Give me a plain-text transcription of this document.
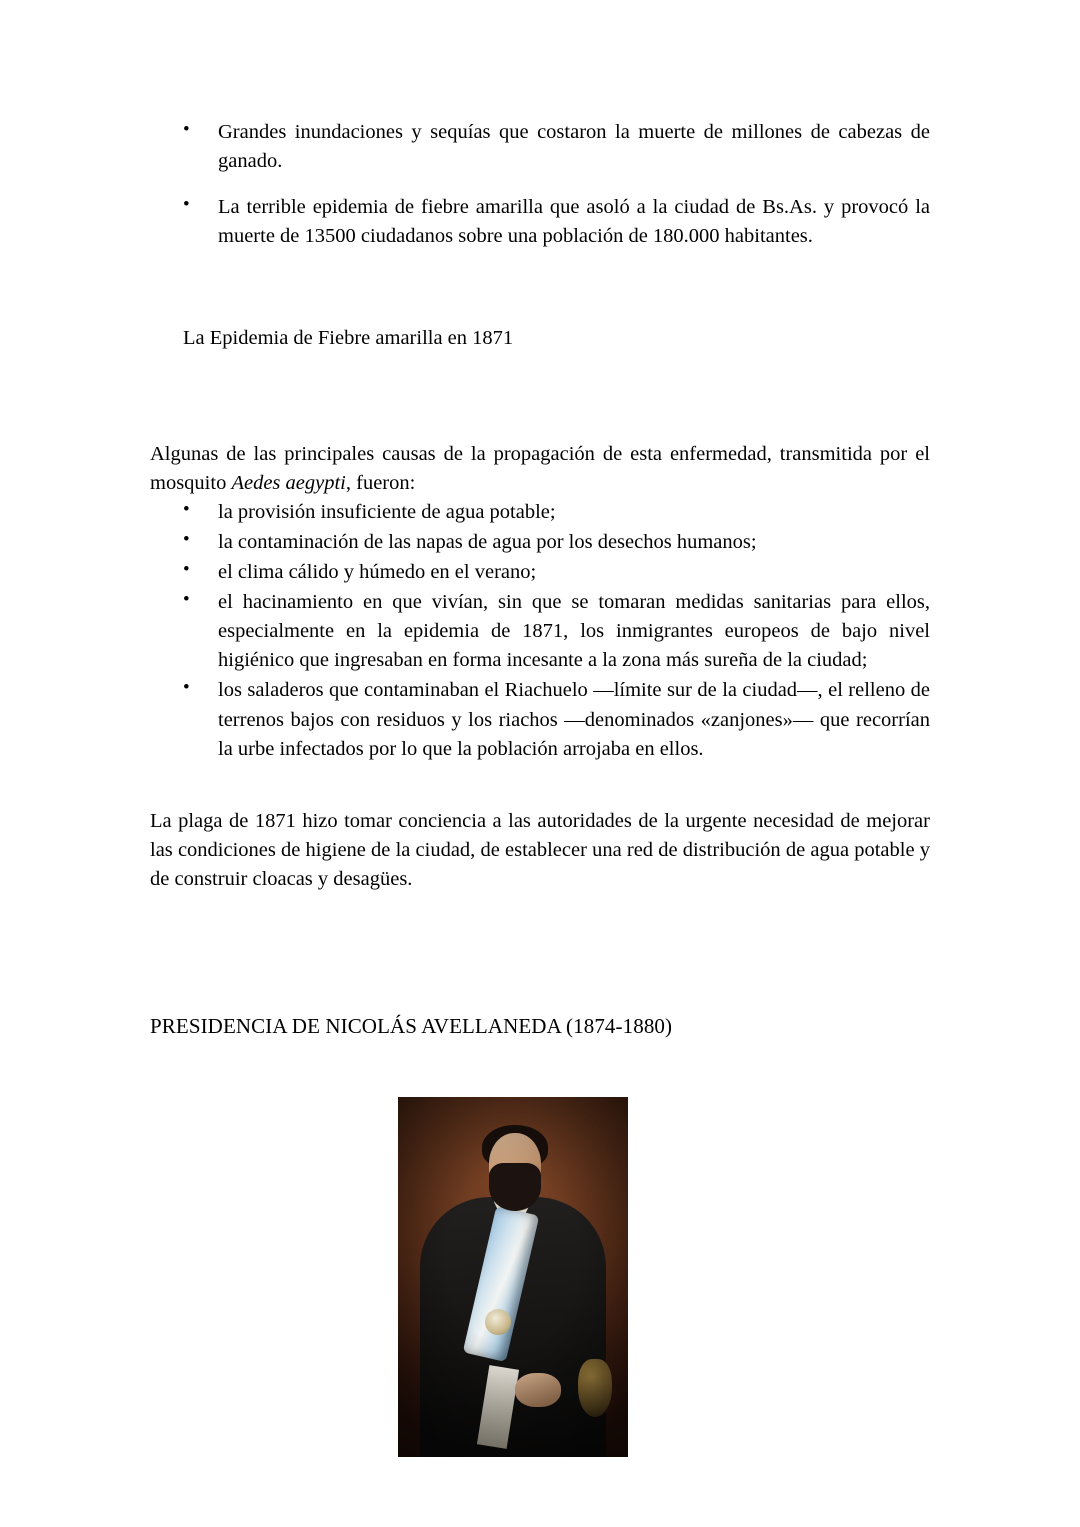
• Grandes inundaciones y sequías que costaron la muerte de millones de cabezas de ganado.
• La terrible epidemia de fiebre amarilla que asoló a la ciudad de Bs.As. y provocó la muerte de 13500 ciudadanos sobre una población de 180.000 habitantes.

La Epidemia de Fiebre amarilla en 1871

Algunas de las principales causas de la propagación de esta enfermedad, transmitida por el mosquito Aedes aegypti, fueron:

• la provisión insuficiente de agua potable;
• la contaminación de las napas de agua por los desechos humanos;
• el clima cálido y húmedo en el verano;
• el hacinamiento en que vivían, sin que se tomaran medidas sanitarias para ellos, especialmente en la epidemia de 1871, los inmigrantes europeos de bajo nivel higiénico que ingresaban en forma incesante a la zona más sureña de la ciudad;
• los saladeros que contaminaban el Riachuelo —límite sur de la ciudad—, el relleno de terrenos bajos con residuos y los riachos —denominados «zanjones»— que recorrían la urbe infectados por lo que la población arrojaba en ellos.

La plaga de 1871 hizo tomar conciencia a las autoridades de la urgente necesidad de mejorar las condiciones de higiene de la ciudad, de establecer una red de distribución de agua potable y de construir cloacas y desagües.

PRESIDENCIA DE NICOLÁS AVELLANEDA (1874-1880)
